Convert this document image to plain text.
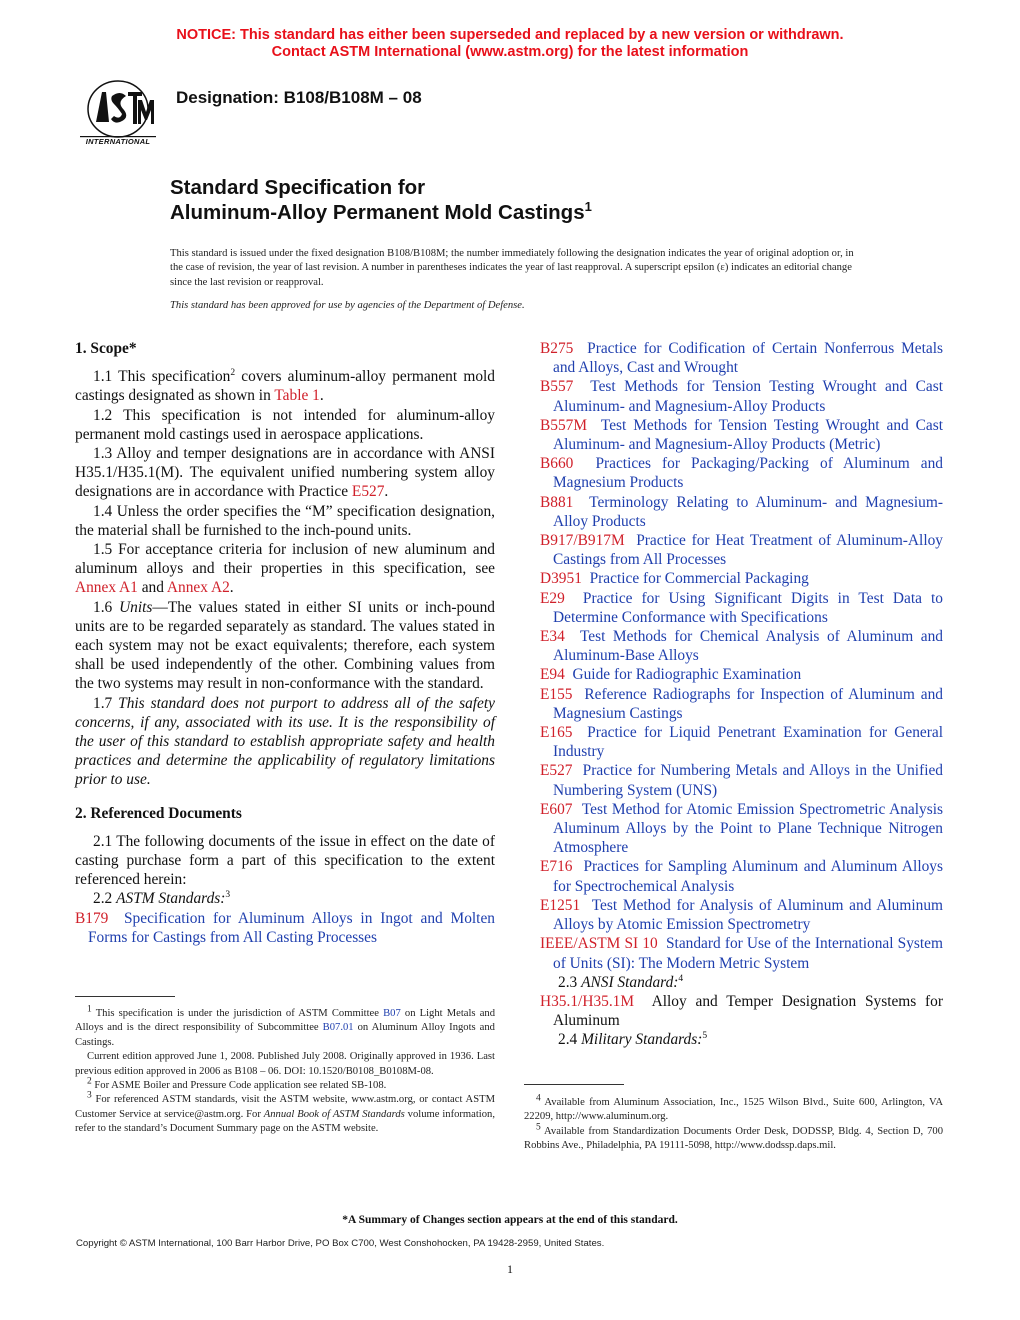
NOTICE: This standard has either been superseded and replaced by a new version or withdrawn.
Contact ASTM International (www.astm.org) for the latest information
INTERNATIONAL
Designation: B108/B108M – 08
Standard Specification for
Aluminum-Alloy Permanent Mold Castings$^1$
This standard is issued under the fixed designation B108/B108M; the number immediately following the designation indicates the year of original adoption or, in the case of revision, the year of last revision. A number in parentheses indicates the year of last reapproval. A superscript epsilon (ε) indicates an editorial change since the last revision or reapproval.
This standard has been approved for use by agencies of the Department of Defense.
1. Scope*

1.1 This specification$^2$ covers aluminum-alloy permanent mold castings designated as shown in Table 1.

1.2 This specification is not intended for aluminum-alloy permanent mold castings used in aerospace applications.

1.3 Alloy and temper designations are in accordance with ANSI H35.1/H35.1(M). The equivalent unified numbering system alloy designations are in accordance with Practice E527.

1.4 Unless the order specifies the “M” specification designation, the material shall be furnished to the inch-pound units.

1.5 For acceptance criteria for inclusion of new aluminum and aluminum alloys and their properties in this specification, see Annex A1 and Annex A2.

1.6 Units—The values stated in either SI units or inch-pound units are to be regarded separately as standard. The values stated in each system may not be exact equivalents; therefore, each system shall be used independently of the other. Combining values from the two systems may result in non-conformance with the standard.

1.7 This standard does not purport to address all of the safety concerns, if any, associated with its use. It is the responsibility of the user of this standard to establish appropriate safety and health practices and determine the applicability of regulatory limitations prior to use.

2. Referenced Documents

2.1 The following documents of the issue in effect on the date of casting purchase form a part of this specification to the extent referenced herein:

2.2 ASTM Standards:$^3$

B179 Specification for Aluminum Alloys in Ingot and Molten Forms for Castings from All Casting Processes
B275 Practice for Codification of Certain Nonferrous Metals and Alloys, Cast and Wrought
B557 Test Methods for Tension Testing Wrought and Cast Aluminum- and Magnesium-Alloy Products
B557M Test Methods for Tension Testing Wrought and Cast Aluminum- and Magnesium-Alloy Products (Metric)
B660 Practices for Packaging/Packing of Aluminum and Magnesium Products
B881 Terminology Relating to Aluminum- and Magnesium-Alloy Products
B917/B917M Practice for Heat Treatment of Aluminum-Alloy Castings from All Processes
D3951 Practice for Commercial Packaging
E29 Practice for Using Significant Digits in Test Data to Determine Conformance with Specifications
E34 Test Methods for Chemical Analysis of Aluminum and Aluminum-Base Alloys
E94 Guide for Radiographic Examination
E155 Reference Radiographs for Inspection of Aluminum and Magnesium Castings
E165 Practice for Liquid Penetrant Examination for General Industry
E527 Practice for Numbering Metals and Alloys in the Unified Numbering System (UNS)
E607 Test Method for Atomic Emission Spectrometric Analysis Aluminum Alloys by the Point to Plane Technique Nitrogen Atmosphere
E716 Practices for Sampling Aluminum and Aluminum Alloys for Spectrochemical Analysis
E1251 Test Method for Analysis of Aluminum and Aluminum Alloys by Atomic Emission Spectrometry
IEEE/ASTM SI 10 Standard for Use of the International System of Units (SI): The Modern Metric System

2.3 ANSI Standard:$^4$

H35.1/H35.1M Alloy and Temper Designation Systems for Aluminum

2.4 Military Standards:$^5$

$^1$ This specification is under the jurisdiction of ASTM Committee B07 on Light Metals and Alloys and is the direct responsibility of Subcommittee B07.01 on Aluminum Alloy Ingots and Castings.

Current edition approved June 1, 2008. Published July 2008. Originally approved in 1936. Last previous edition approved in 2006 as B108 – 06. DOI: 10.1520/B0108_B0108M-08.

$^2$ For ASME Boiler and Pressure Code application see related SB-108.

$^3$ For referenced ASTM standards, visit the ASTM website, www.astm.org, or contact ASTM Customer Service at service@astm.org. For Annual Book of ASTM Standards volume information, refer to the standard’s Document Summary page on the ASTM website.

$^4$ Available from Aluminum Association, Inc., 1525 Wilson Blvd., Suite 600, Arlington, VA 22209, http://www.aluminum.org.

$^5$ Available from Standardization Documents Order Desk, DODSSP, Bldg. 4, Section D, 700 Robbins Ave., Philadelphia, PA 19111-5098, http://www.dodssp.daps.mil.

*A Summary of Changes section appears at the end of this standard.
Copyright © ASTM International, 100 Barr Harbor Drive, PO Box C700, West Conshohocken, PA 19428-2959, United States.
1
